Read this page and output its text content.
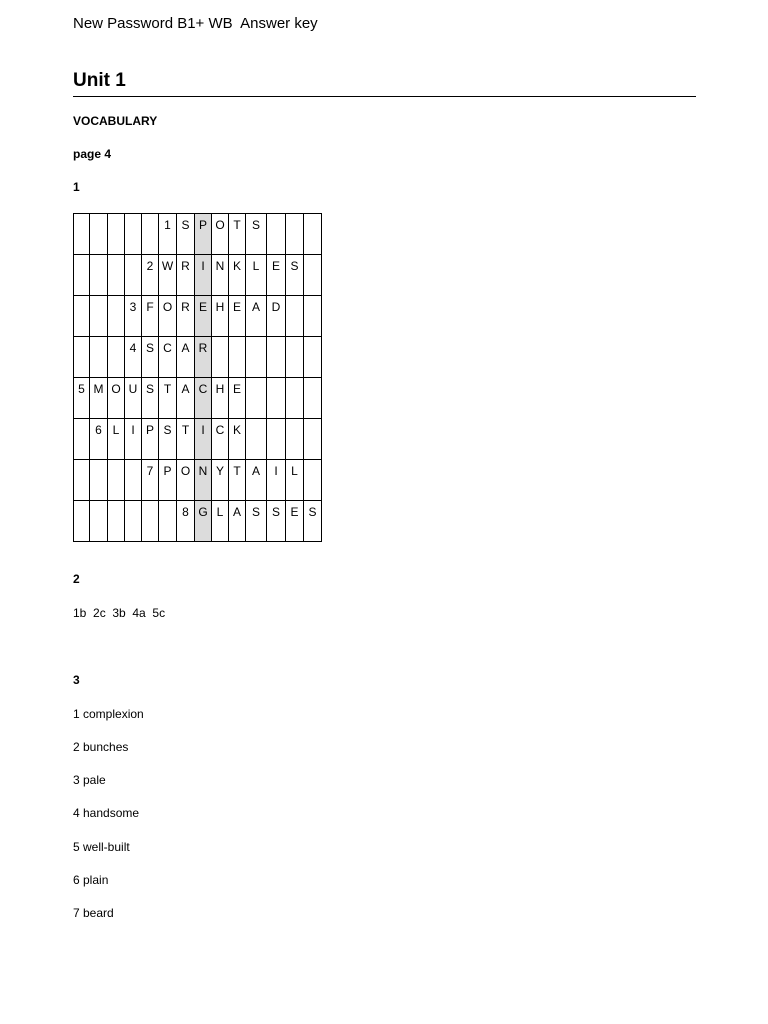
New Password B1+ WB  Answer key
Unit 1
VOCABULARY
page 4
1
					1	S	P	O	T	S			
				2	W	R	I	N	K	L	E	S	
			3	F	O	R	E	H	E	A	D		
			4	S	C	A	R						
5	M	O	U	S	T	A	C	H	E				
	6	L	I	P	S	T	I	C	K				
				7	P	O	N	Y	T	A	I	L	
						8	G	L	A	S	S	E	S
2
1b  2c  3b  4a  5c
3
1 complexion
2 bunches
3 pale
4 handsome
5 well-built
6 plain
7 beard
